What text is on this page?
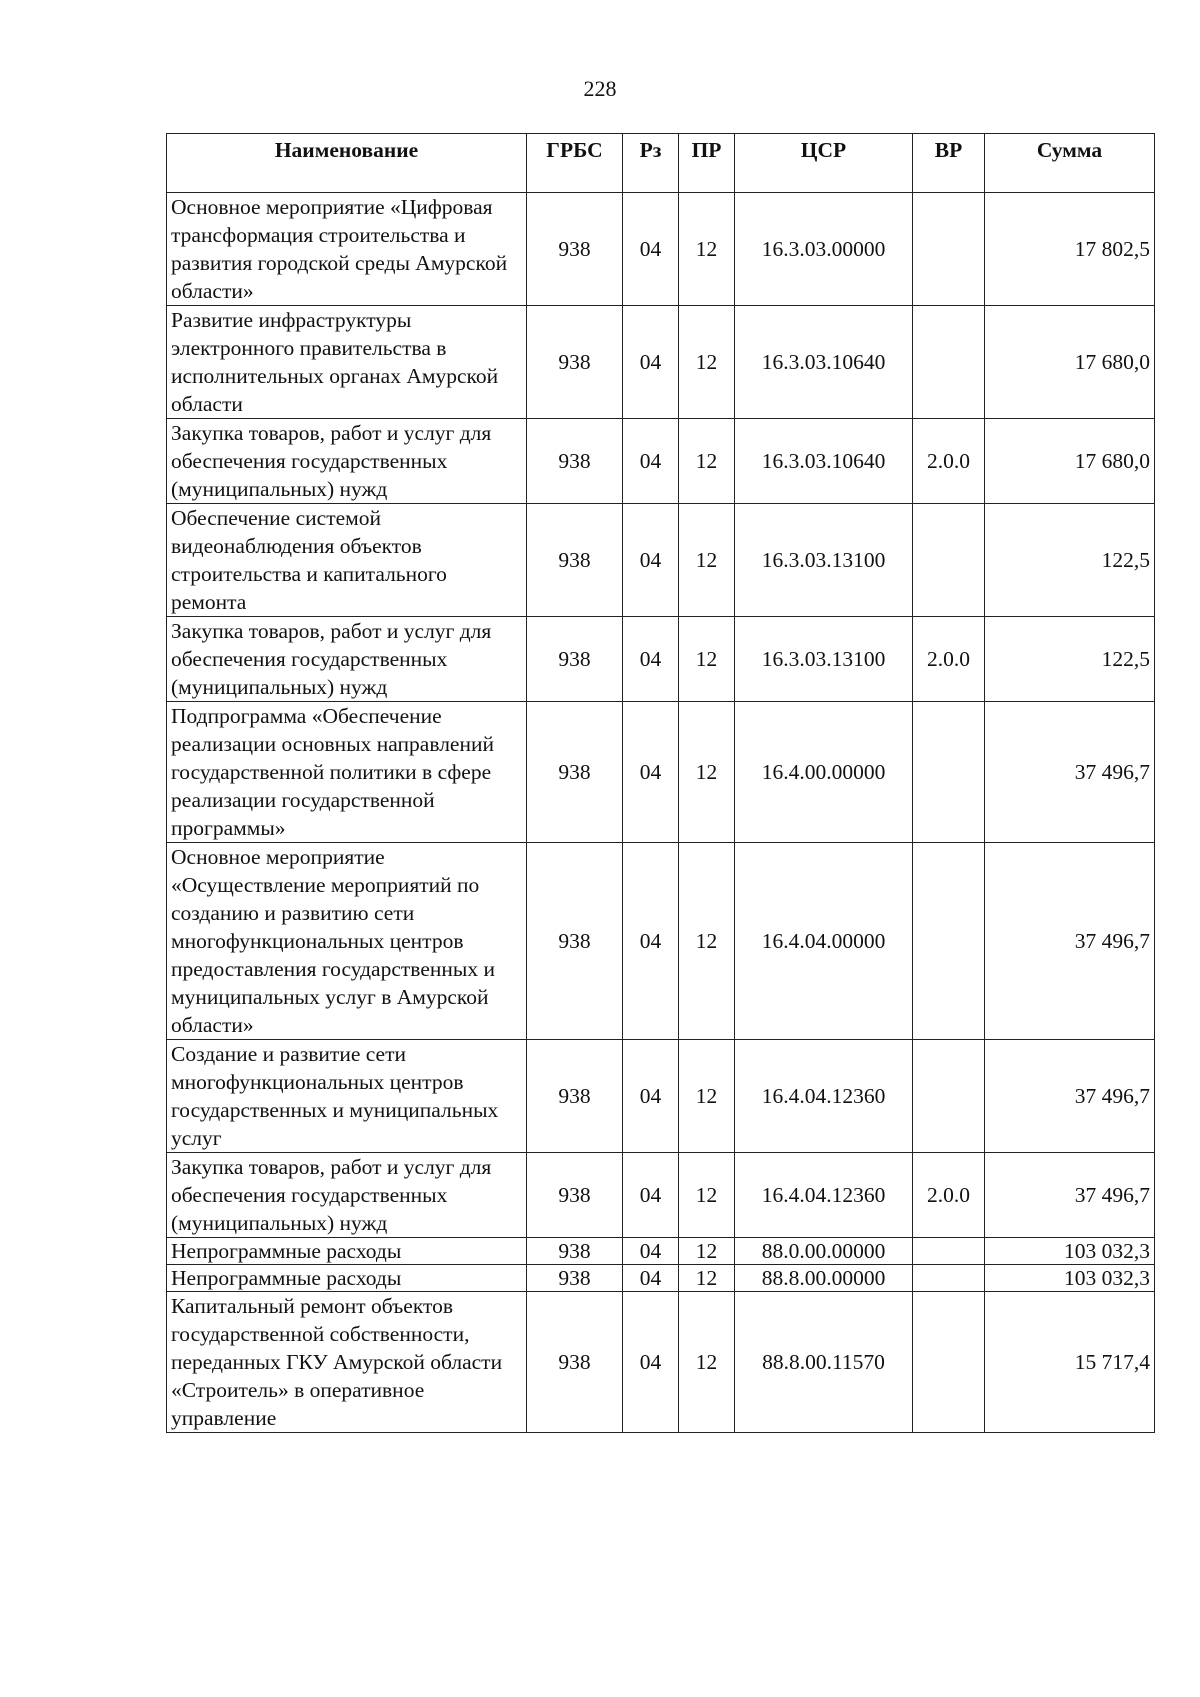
228
Наименование	ГРБС	Рз	ПР	ЦСР	ВР	Сумма
Основное мероприятие «Цифровая трансформация строительства и развития городской среды Амурской области»	938	04	12	16.3.03.00000		17 802,5
Развитие инфраструктуры электронного правительства в исполнительных органах Амурской области	938	04	12	16.3.03.10640		17 680,0
Закупка товаров, работ и услуг для обеспечения государственных (муниципальных) нужд	938	04	12	16.3.03.10640	2.0.0	17 680,0
Обеспечение системой видеонаблюдения объектов строительства и капитального ремонта	938	04	12	16.3.03.13100		122,5
Закупка товаров, работ и услуг для обеспечения государственных (муниципальных) нужд	938	04	12	16.3.03.13100	2.0.0	122,5
Подпрограмма «Обеспечение реализации основных направлений государственной политики в сфере реализации государственной программы»	938	04	12	16.4.00.00000		37 496,7
Основное мероприятие «Осуществление мероприятий по созданию и развитию сети многофункциональных центров предоставления государственных и муниципальных услуг в Амурской области»	938	04	12	16.4.04.00000		37 496,7
Создание и развитие сети многофункциональных центров государственных и муниципальных услуг	938	04	12	16.4.04.12360		37 496,7
Закупка товаров, работ и услуг для обеспечения государственных (муниципальных) нужд	938	04	12	16.4.04.12360	2.0.0	37 496,7
Непрограммные расходы	938	04	12	88.0.00.00000		103 032,3
Непрограммные расходы	938	04	12	88.8.00.00000		103 032,3
Капитальный ремонт объектов государственной собственности, переданных ГКУ Амурской области «Строитель» в оперативное управление	938	04	12	88.8.00.11570		15 717,4
